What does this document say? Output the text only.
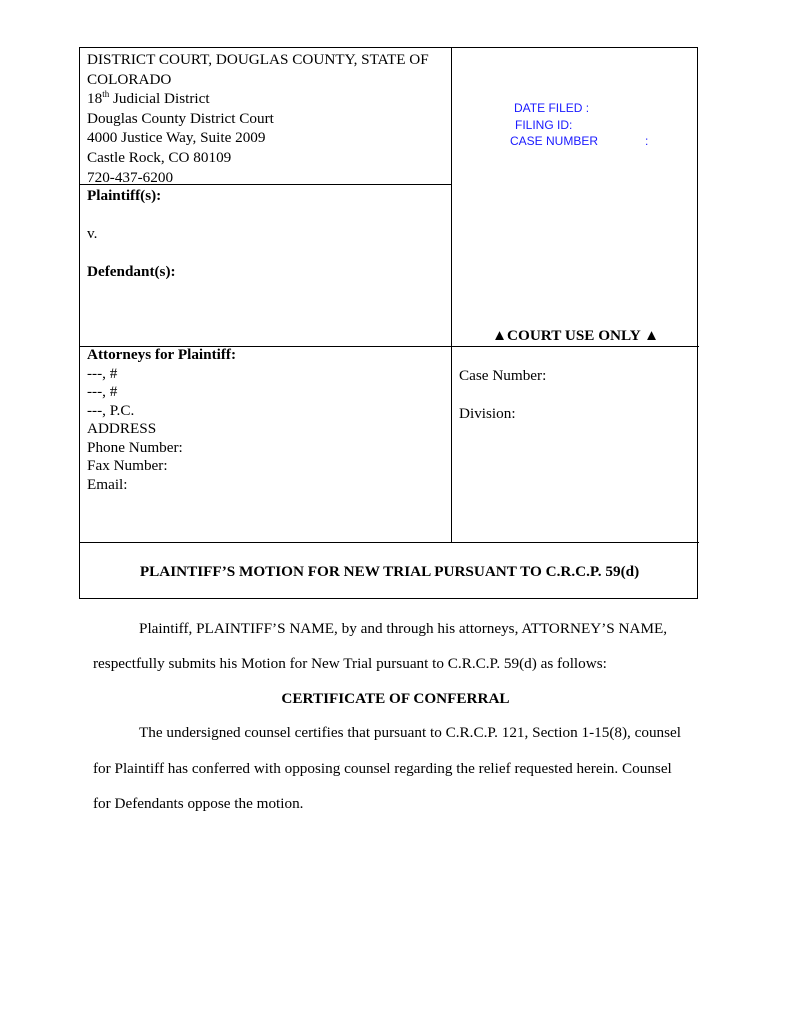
DISTRICT COURT, DOUGLAS COUNTY, STATE OF COLORADO
18th Judicial District
Douglas County District Court
4000 Justice Way, Suite 2009
Castle Rock, CO 80109
720-437-6200
DATE FILED :
FILING ID:
CASE NUMBER	:
Plaintiff(s):
v.
Defendant(s):
▲COURT USE ONLY ▲
Attorneys for Plaintiff:
---, #
---, #
---, P.C.
ADDRESS
Phone Number:
Fax Number:
Email:
Case Number:
Division:
PLAINTIFF’S MOTION FOR NEW TRIAL PURSUANT TO C.R.C.P. 59(d)
Plaintiff, PLAINTIFF’S NAME, by and through his attorneys, ATTORNEY’S NAME,
respectfully submits his Motion for New Trial pursuant to C.R.C.P. 59(d) as follows:
CERTIFICATE OF CONFERRAL
The undersigned counsel certifies that pursuant to C.R.C.P. 121, Section 1-15(8), counsel
for Plaintiff has conferred with opposing counsel regarding the relief requested herein. Counsel
for Defendants oppose the motion.
